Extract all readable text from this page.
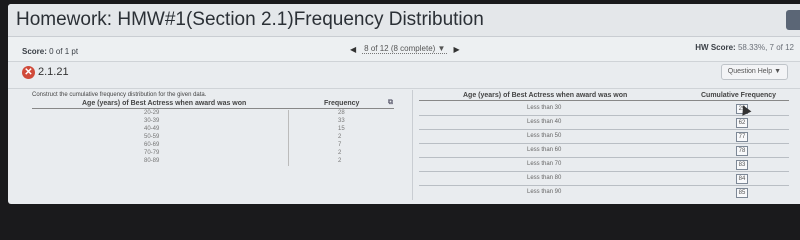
Homework: HMW#1(Section 2.1)Frequency Distribution
Score: 0 of 1 pt	◀ 8 of 12 (8 complete) ▼ ▶	HW Score: 58.33%, 7 of 12
✕ 2.1.21	Question Help ▼
Construct the cumulative frequency distribution for the given data.
Age (years) of Best Actress when award was won	Frequency	⧉
20-29	28
30-39	33
40-49	15
50-59	2
60-69	7
70-79	2
80-89	2
Age (years) of Best Actress when award was won	Cumulative Frequency
Less than 30	29
Less than 40	62
Less than 50	77
Less than 60	78
Less than 70	83
Less than 80	84
Less than 90	85
